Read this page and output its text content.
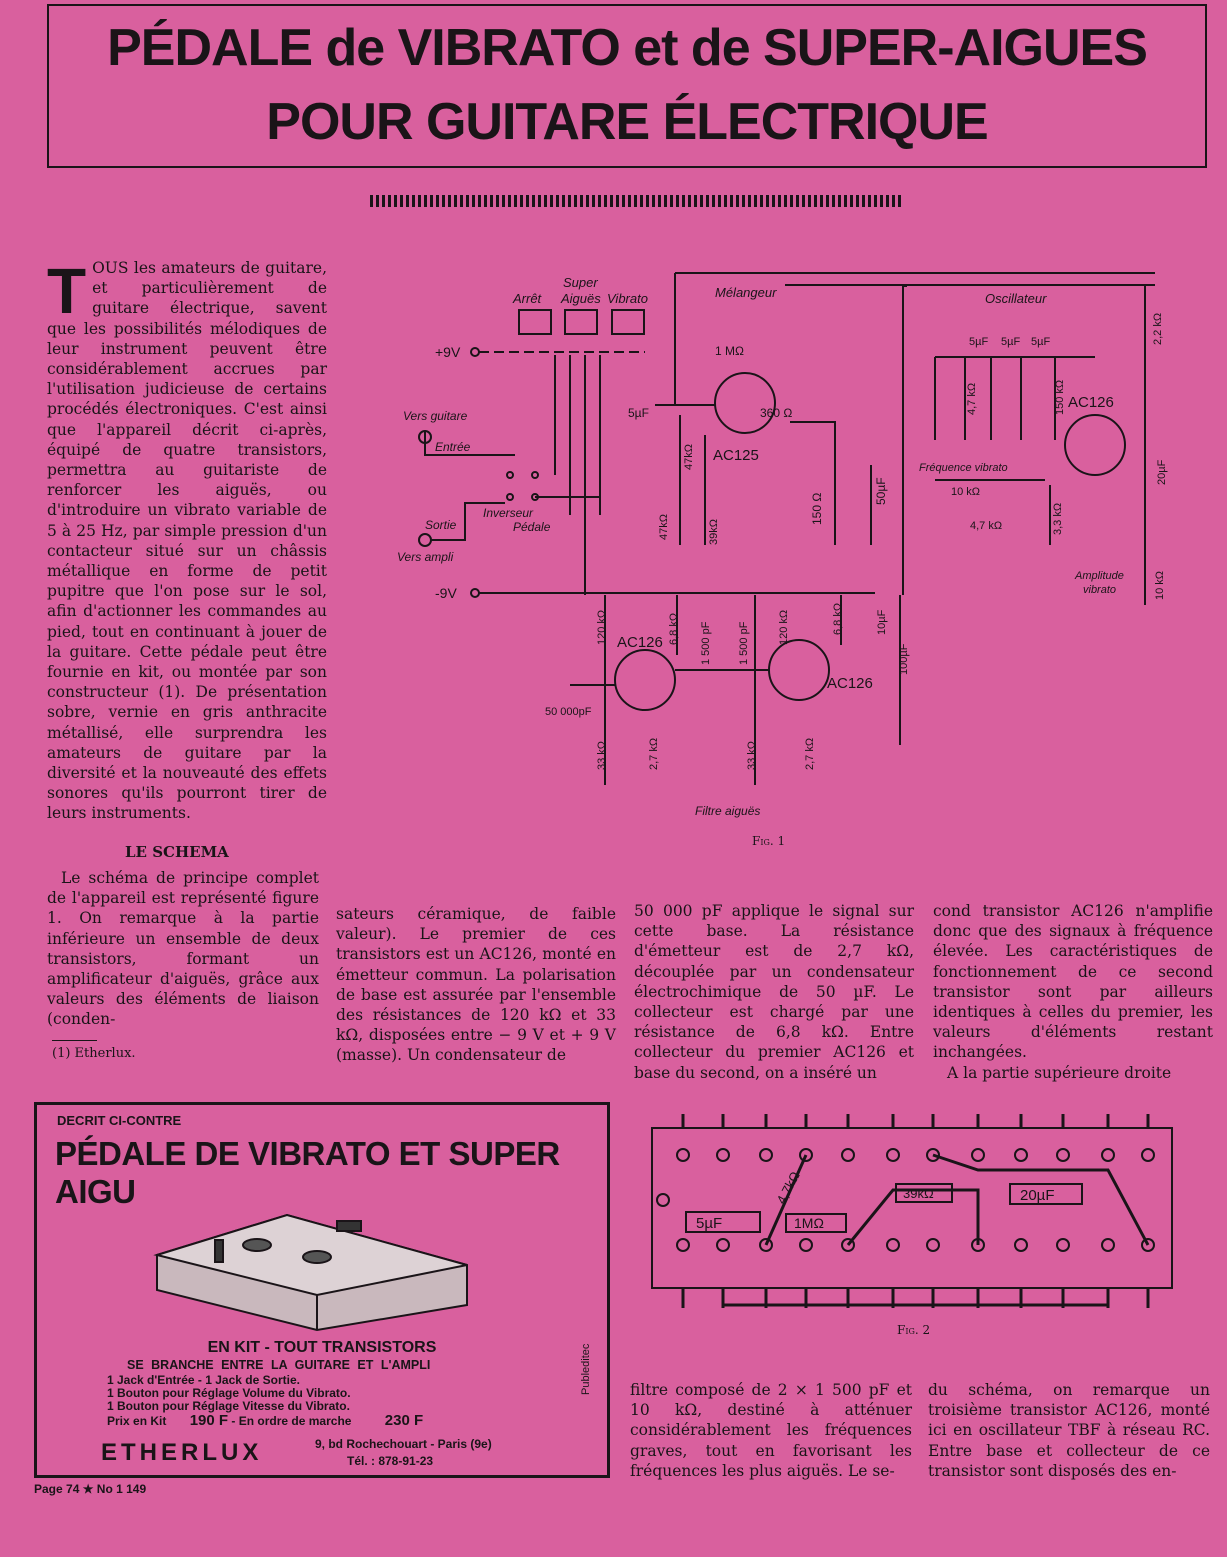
PÉDALE de VIBRATO et de SUPER-AIGUES
POUR GUITARE ÉLECTRIQUE
T OUS les amateurs de guitare, et particulièrement de guitare électrique, savent que les possibilités mélodiques de leur instrument peuvent être considérablement accrues par l'utilisation judicieuse de certains procédés électroniques. C'est ainsi que l'appareil décrit ci-après, équipé de quatre transistors, permettra au guitariste de renforcer les aiguës, ou d'introduire un vibrato variable de 5 à 25 Hz, par simple pression d'un contacteur situé sur un châssis métallique en forme de petit pupitre que l'on pose sur le sol, afin d'actionner les commandes au pied, tout en continuant à jouer de la guitare. Cette pédale peut être fournie en kit, ou montée par son constructeur (1). De présentation sobre, vernie en gris anthracite métallisé, elle surprendra les amateurs de guitare par la diversité et la nouveauté des effets sonores qu'ils pourront tirer de leurs instruments.
LE SCHEMA

Le schéma de principe complet de l'appareil est représenté figure 1. On remarque à la partie inférieure un ensemble de deux transistors, formant un amplificateur d'aiguës, grâce aux valeurs des éléments de liaison (conden-

(1) Etherlux.
sateurs céramique, de faible valeur). Le premier de ces transistors est un AC126, monté en émetteur commun. La polarisation de base est assurée par l'ensemble des résistances de 120 kΩ et 33 kΩ, disposées entre − 9 V et + 9 V (masse). Un condensateur de
50 000 pF applique le signal sur cette base. La résistance d'émetteur est de 2,7 kΩ, découplée par un condensateur électrochimique de 50 µF. Le collecteur est chargé par une résistance de 6,8 kΩ. Entre collecteur du premier AC126 et base du second, on a inséré un
cond transistor AC126 n'amplifie donc que des signaux à fréquence élevée. Les caractéristiques de fonctionnement de ce second transistor sont par ailleurs identiques à celles du premier, les valeurs d'éléments restant inchangées.

A la partie supérieure droite

filtre composé de 2 × 1 500 pF et 10 kΩ, destiné à atténuer considérablement les fréquences graves, tout en favorisant les fréquences les plus aiguës. Le se-
du schéma, on remarque un troisième transistor AC126, monté ici en oscillateur TBF à réseau RC. Entre base et collecteur de ce transistor sont disposés des en-
Arrêt
Super
Aiguës Vibrato	Mélangeur	Oscillateur
+9V
-9V
Vers guitare
Entrée
Sortie
Vers ampli
Inverseur
Pédale
AC125
1 MΩ
360 Ω
5µF
150 Ω
50µF
47kΩ
39kΩ
47kΩ
5µF 5µF 5µF
4,7 kΩ	150 kΩ AC126
2,2 kΩ
20µF
Fréquence vibrato
10 kΩ
4,7 kΩ	3,3 kΩ
Amplitude
vibrato	10 kΩ
AC126
AC126
50 000pF
120 kΩ	6,8 kΩ 1 500 pF 1 500 pF	120 kΩ	6,8 kΩ	10µF
100µF
33 kΩ	2,7 kΩ	33 kΩ	2,7 kΩ
Filtre aiguës
Fig. 1
5µF	1MΩ
4,7kΩ	39kΩ	20µF
Fig. 2
DECRIT CI-CONTRE
PÉDALE DE VIBRATO ET SUPER AIGU
EN KIT - TOUT TRANSISTORS
SE BRANCHE ENTRE LA GUITARE ET L'AMPLI
1 Jack d'Entrée - 1 Jack de Sortie.
1 Bouton pour Réglage Volume du Vibrato.
1 Bouton pour Réglage Vitesse du Vibrato.
Prix en Kit 190 F - En ordre de marche 230 F
ETHERLUX	9, bd Rochechouart - Paris (9e)
Tél. : 878-91-23
Publeditec
Page 74 ★ No 1 149
